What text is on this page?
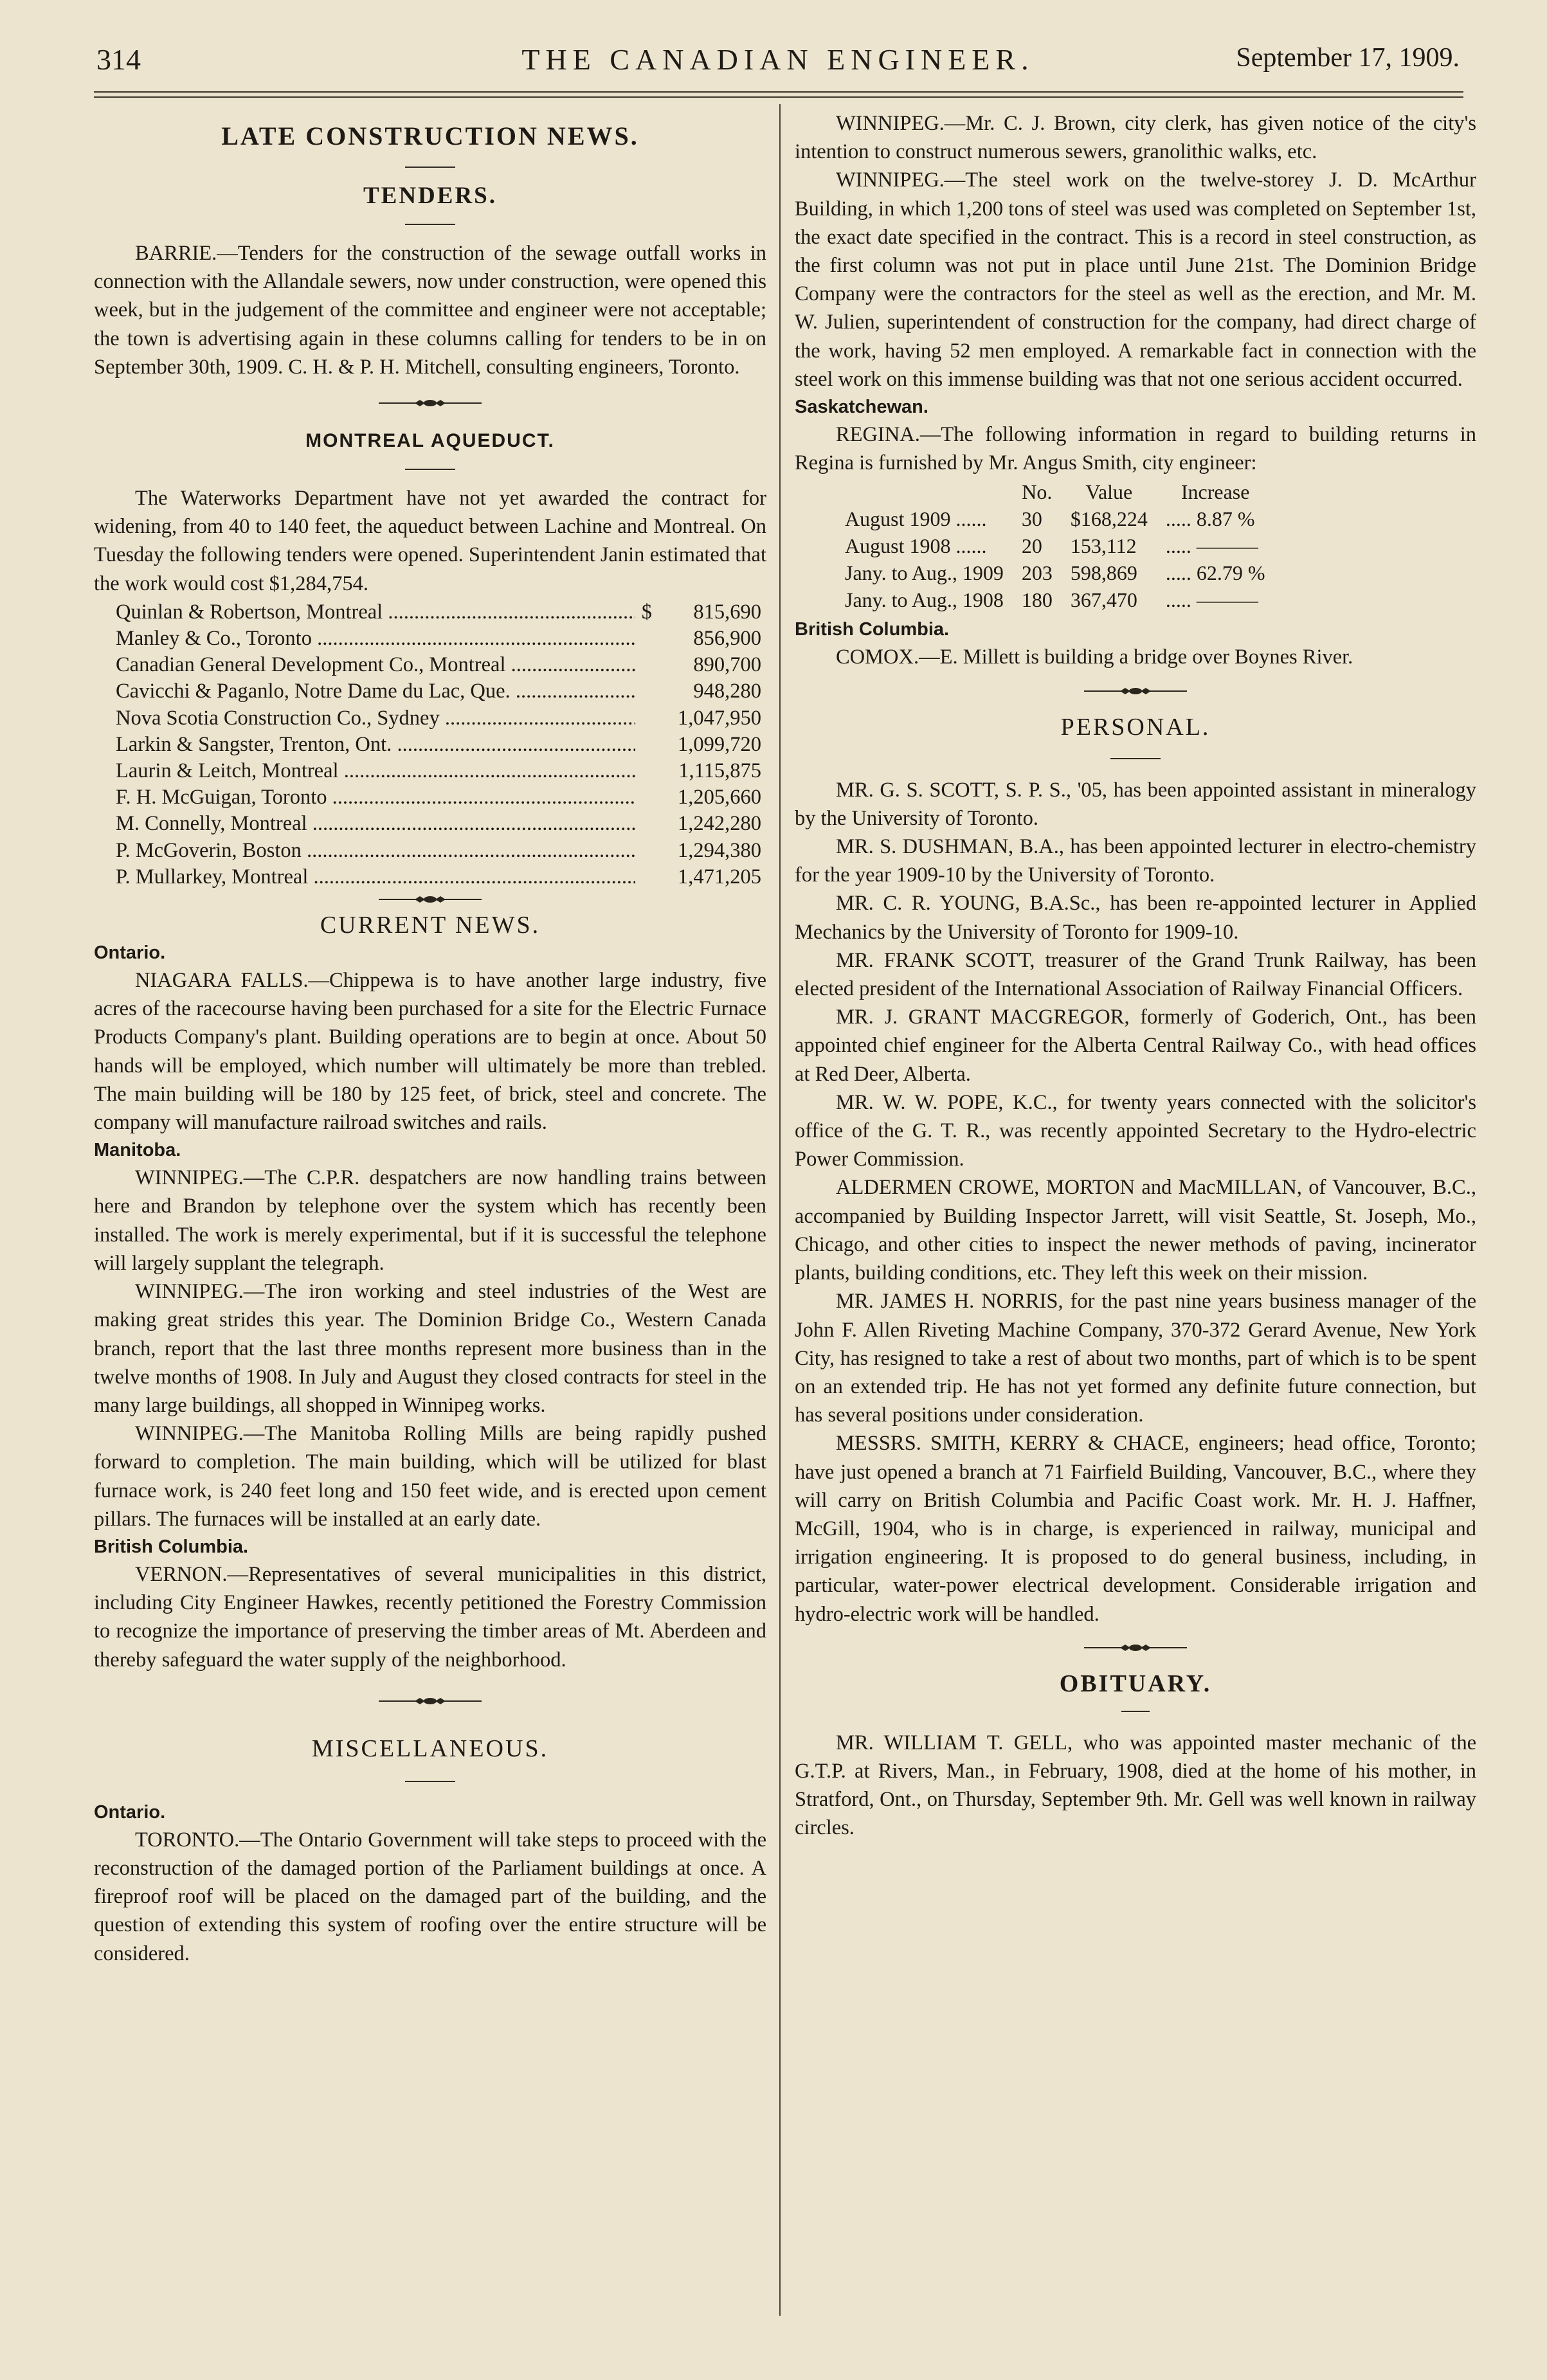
314	THE CANADIAN ENGINEER.	September 17, 1909.
LATE CONSTRUCTION NEWS.
TENDERS.

BARRIE.—Tenders for the construction of the sewage outfall works in connection with the Allandale sewers, now under construction, were opened this week, but in the judgement of the committee and engineer were not acceptable; the town is advertising again in these columns calling for tenders to be in on September 30th, 1909. C. H. & P. H. Mitchell, consulting engineers, Toronto.

MONTREAL AQUEDUCT.

The Waterworks Department have not yet awarded the contract for widening, from 40 to 140 feet, the aqueduct between Lachine and Montreal. On Tuesday the following tenders were opened. Superintendent Janin estimated that the work would cost $1,284,754.

Quinlan & Robertson, Montreal .....	$	815,690
Manley & Co., Toronto .....	856,900
Canadian General Development Co., Montreal .....	890,700
Cavicchi & Paganlo, Notre Dame du Lac, Que. .....	948,280
Nova Scotia Construction Co., Sydney .....	1,047,950
Larkin & Sangster, Trenton, Ont. .....	1,099,720
Laurin & Leitch, Montreal .....	1,115,875
F. H. McGuigan, Toronto .....	1,205,660
M. Connelly, Montreal .....	1,242,280
P. McGoverin, Boston .....	1,294,380
P. Mullarkey, Montreal .....	1,471,205
CURRENT NEWS.
Ontario.

NIAGARA FALLS.—Chippewa is to have another large industry, five acres of the racecourse having been purchased for a site for the Electric Furnace Products Company's plant. Building operations are to begin at once. About 50 hands will be employed, which number will ultimately be more than trebled. The main building will be 180 by 125 feet, of brick, steel and concrete. The company will manufacture railroad switches and rails.

Manitoba.

WINNIPEG.—The C.P.R. despatchers are now handling trains between here and Brandon by telephone over the system which has recently been installed. The work is merely experimental, but if it is successful the telephone will largely supplant the telegraph.

WINNIPEG.—The iron working and steel industries of the West are making great strides this year. The Dominion Bridge Co., Western Canada branch, report that the last three months represent more business than in the twelve months of 1908. In July and August they closed contracts for steel in the many large buildings, all shopped in Winnipeg works.

WINNIPEG.—The Manitoba Rolling Mills are being rapidly pushed forward to completion. The main building, which will be utilized for blast furnace work, is 240 feet long and 150 feet wide, and is erected upon cement pillars. The furnaces will be installed at an early date.

British Columbia.

VERNON.—Representatives of several municipalities in this district, including City Engineer Hawkes, recently petitioned the Forestry Commission to recognize the importance of preserving the timber areas of Mt. Aberdeen and thereby safeguard the water supply of the neighborhood.

MISCELLANEOUS.
Ontario.

TORONTO.—The Ontario Government will take steps to proceed with the reconstruction of the damaged portion of the Parliament buildings at once. A fireproof roof will be placed on the damaged part of the building, and the question of extending this system of roofing over the entire structure will be considered.

WINNIPEG.—Mr. C. J. Brown, city clerk, has given notice of the city's intention to construct numerous sewers, granolithic walks, etc.

WINNIPEG.—The steel work on the twelve-storey J. D. McArthur Building, in which 1,200 tons of steel was used was completed on September 1st, the exact date specified in the contract. This is a record in steel construction, as the first column was not put in place until June 21st. The Dominion Bridge Company were the contractors for the steel as well as the erection, and Mr. M. W. Julien, superintendent of construction for the company, had direct charge of the work, having 52 men employed. A remarkable fact in connection with the steel work on this immense building was that not one serious accident occurred.

Saskatchewan.

REGINA.—The following information in regard to building returns in Regina is furnished by Mr. Angus Smith, city engineer:

	No.	Value	Increase
August 1909 ......	30	$168,224	..... 8.87 %
August 1908 ......	20	153,112	..... ———
Jany. to Aug., 1909	203	598,869	..... 62.79 %
Jany. to Aug., 1908	180	367,470	..... ———
British Columbia.

COMOX.—E. Millett is building a bridge over Boynes River.

PERSONAL.

MR. G. S. SCOTT, S. P. S., '05, has been appointed assistant in mineralogy by the University of Toronto.

MR. S. DUSHMAN, B.A., has been appointed lecturer in electro-chemistry for the year 1909-10 by the University of Toronto.

MR. C. R. YOUNG, B.A.Sc., has been re-appointed lecturer in Applied Mechanics by the University of Toronto for 1909-10.

MR. FRANK SCOTT, treasurer of the Grand Trunk Railway, has been elected president of the International Association of Railway Financial Officers.

MR. J. GRANT MACGREGOR, formerly of Goderich, Ont., has been appointed chief engineer for the Alberta Central Railway Co., with head offices at Red Deer, Alberta.

MR. W. W. POPE, K.C., for twenty years connected with the solicitor's office of the G. T. R., was recently appointed Secretary to the Hydro-electric Power Commission.

ALDERMEN CROWE, MORTON and MacMILLAN, of Vancouver, B.C., accompanied by Building Inspector Jarrett, will visit Seattle, St. Joseph, Mo., Chicago, and other cities to inspect the newer methods of paving, incinerator plants, building conditions, etc. They left this week on their mission.

MR. JAMES H. NORRIS, for the past nine years business manager of the John F. Allen Riveting Machine Company, 370-372 Gerard Avenue, New York City, has resigned to take a rest of about two months, part of which is to be spent on an extended trip. He has not yet formed any definite future connection, but has several positions under consideration.

MESSRS. SMITH, KERRY & CHACE, engineers; head office, Toronto; have just opened a branch at 71 Fairfield Building, Vancouver, B.C., where they will carry on British Columbia and Pacific Coast work. Mr. H. J. Haffner, McGill, 1904, who is in charge, is experienced in railway, municipal and irrigation engineering. It is proposed to do general business, including, in particular, water-power electrical development. Considerable irrigation and hydro-electric work will be handled.

OBITUARY.

MR. WILLIAM T. GELL, who was appointed master mechanic of the G.T.P. at Rivers, Man., in February, 1908, died at the home of his mother, in Stratford, Ont., on Thursday, September 9th. Mr. Gell was well known in railway circles.
